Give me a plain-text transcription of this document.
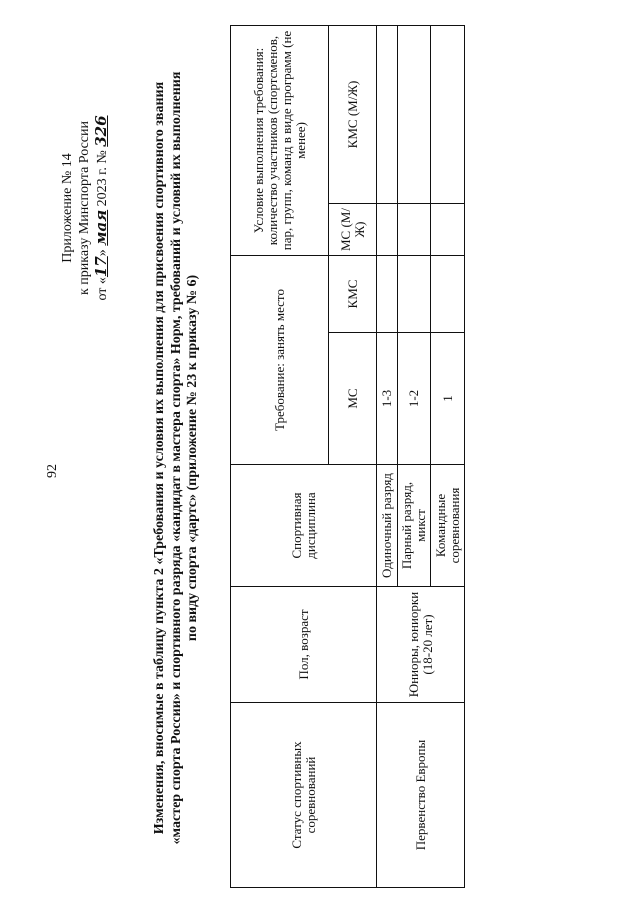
92
Приложение № 14 к приказу Минспорта России от «17» мая 2023 г. № 326	Изменения, вносимые в таблицу пункта 2 «Требования и условия их выполнения для присвоения спортивного звания «мастер спорта России» и спортивного разряда «кандидат в мастера спорта» Норм, требований и условий их выполнения по виду спорта «дартс» (приложение № 23 к приказу № 6)
Статус спортивных соревнований	Пол, возраст	Спортивная дисциплина	Требование: занять место		Условие выполнения требования: количество участников (спортсменов, пар, групп, команд в виде программ (не менее)	
			МС	КМС	МС (М/Ж)	КМС (М/Ж)
Первенство Европы	Юниоры, юниорки (18-20 лет)	Одиночный разряд	1-3			
		Парный разряд, микст	1-2			
		Командные соревнования	1			
